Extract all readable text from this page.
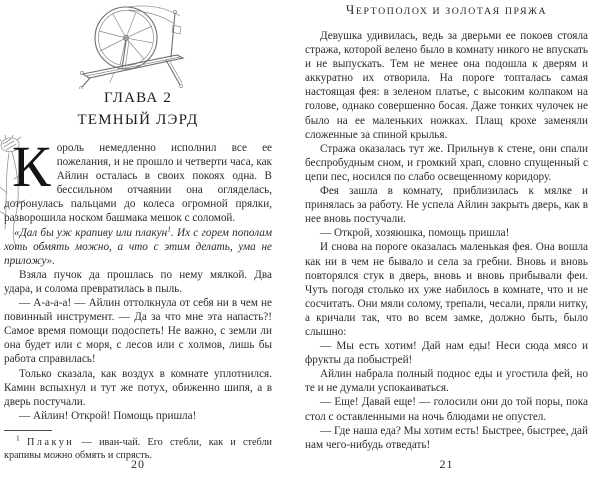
ГЛАВА 2
ТЕМНЫЙ ЛЭРД

Король немедленно исполнил все ее пожелания, и не прошло и четверти часа, как Айлин осталась в своих покоях одна. В бессильном отчаянии она огляделась, дотронулась пальцами до колеса огромной прялки, разворошила носком башмака мешок с соломой.

«Дал бы уж крапиву или плакун$^1$. Их с горем пополам хоть обмять можно, а что с этим делать, ума не приложу».

Взяла пучок да прошлась по нему мялкой. Два удара, и солома превратилась в пыль.

— А-а-а-а! — Айлин оттолкнула от себя ни в чем не повинный инструмент. — Да за что мне эта напасть?! Самое время помощи подоспеть! Не важно, с земли ли она будет или с моря, с лесов или с холмов, лишь бы работа справилась!

Только сказала, как воздух в комнате уплотнился. Камин вспыхнул и тут же потух, обиженно шипя, а в дверь постучали.

— Айлин! Открой! Помощь пришла!

$^1$ Плакун — иван-чай. Его стебли, как и стебли крапивы можно обмять и спрясть.

20
ЧЕРТОПОЛОХ И ЗОЛОТАЯ ПРЯЖА

Девушка удивилась, ведь за дверьми ее покоев стояла стража, которой велено было в комнату никого не впускать и не выпускать. Тем не менее она подошла к дверям и аккуратно их отворила. На пороге топталась самая настоящая фея: в зеленом платье, с высоким колпаком на голове, однако совершенно босая. Даже тонких чулочек не было на ее маленьких ножках. Плащ крохе заменяли сложенные за спиной крылья.

Стража оказалась тут же. Прильнув к стене, они спали беспробудным сном, и громкий храп, словно спущенный с цепи пес, носился по слабо освещенному коридору.

Фея зашла в комнату, приблизилась к мялке и принялась за работу. Не успела Айлин закрыть дверь, как в нее вновь постучали.

— Открой, хозяюшка, помощь пришла!

И снова на пороге оказалась маленькая фея. Она вошла как ни в чем не бывало и села за гребни. Вновь и вновь повторялся стук в дверь, вновь и вновь прибывали феи. Чуть погодя столько их уже набилось в комнате, что и не сосчитать. Они мяли солому, трепали, чесали, пряли нитку, а кричали так, что во всем замке, должно быть, было слышно:

— Мы есть хотим! Дай нам еды! Неси сюда мясо и фрукты да побыстрей!

Айлин набрала полный поднос еды и угостила фей, но те и не думали успокаиваться.

— Еще! Давай еще! — голосили они до той поры, пока стол с оставленными на ночь блюдами не опустел.

— Где наша еда? Мы хотим есть! Быстрее, быстрее, дай нам чего-нибудь отведать!

21
